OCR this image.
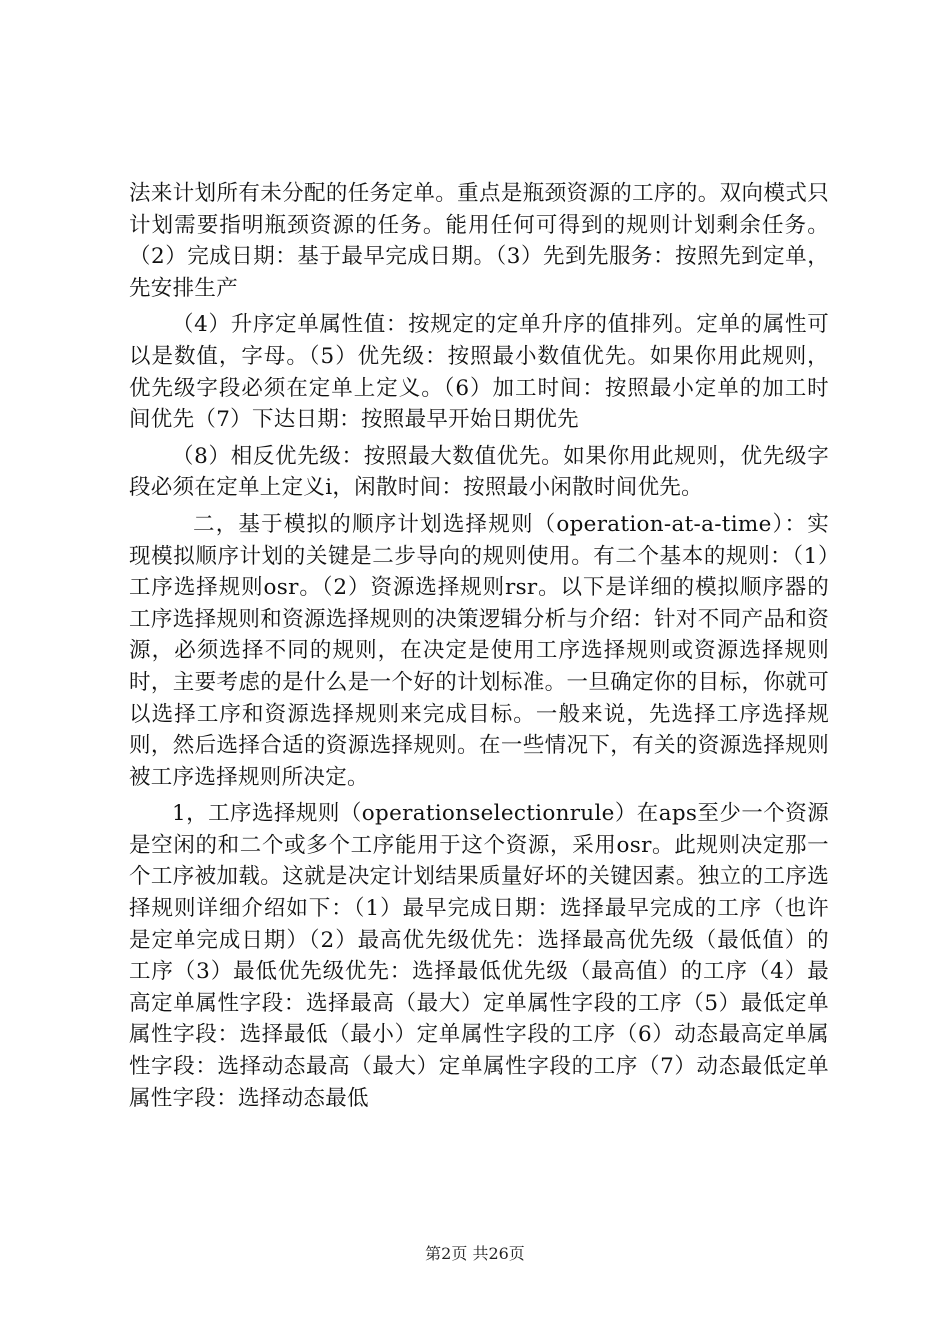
法来计划所有未分配的任务定单。重点是瓶颈资源的工序的。双向模式只计划需要指明瓶颈资源的任务。能用任何可得到的规则计划剩余任务。（2）完成日期：基于最早完成日期。（3）先到先服务：按照先到定单，先安排生产

（4）升序定单属性值：按规定的定单升序的值排列。定单的属性可以是数值，字母。（5）优先级：按照最小数值优先。如果你用此规则，优先级字段必须在定单上定义。（6）加工时间：按照最小定单的加工时间优先（7）下达日期：按照最早开始日期优先

（8）相反优先级：按照最大数值优先。如果你用此规则，优先级字段必须在定单上定义i，闲散时间：按照最小闲散时间优先。

二，基于模拟的顺序计划选择规则（operation-at-a-time）：实现模拟顺序计划的关键是二步导向的规则使用。有二个基本的规则：（1）工序选择规则osr。（2）资源选择规则rsr。以下是详细的模拟顺序器的工序选择规则和资源选择规则的决策逻辑分析与介绍：针对不同产品和资源，必须选择不同的规则，在决定是使用工序选择规则或资源选择规则时，主要考虑的是什么是一个好的计划标准。一旦确定你的目标，你就可以选择工序和资源选择规则来完成目标。一般来说，先选择工序选择规则，然后选择合适的资源选择规则。在一些情况下，有关的资源选择规则被工序选择规则所决定。

1，工序选择规则（operationselectionrule）在aps至少一个资源是空闲的和二个或多个工序能用于这个资源，采用osr。此规则决定那一个工序被加载。这就是决定计划结果质量好坏的关键因素。独立的工序选择规则详细介绍如下：（1）最早完成日期：选择最早完成的工序（也许是定单完成日期）（2）最高优先级优先：选择最高优先级（最低值）的工序（3）最低优先级优先：选择最低优先级（最高值）的工序（4）最高定单属性字段：选择最高（最大）定单属性字段的工序（5）最低定单属性字段：选择最低（最小）定单属性字段的工序（6）动态最高定单属性字段：选择动态最高（最大）定单属性字段的工序（7）动态最低定单属性字段：选择动态最低

第2页 共26页
